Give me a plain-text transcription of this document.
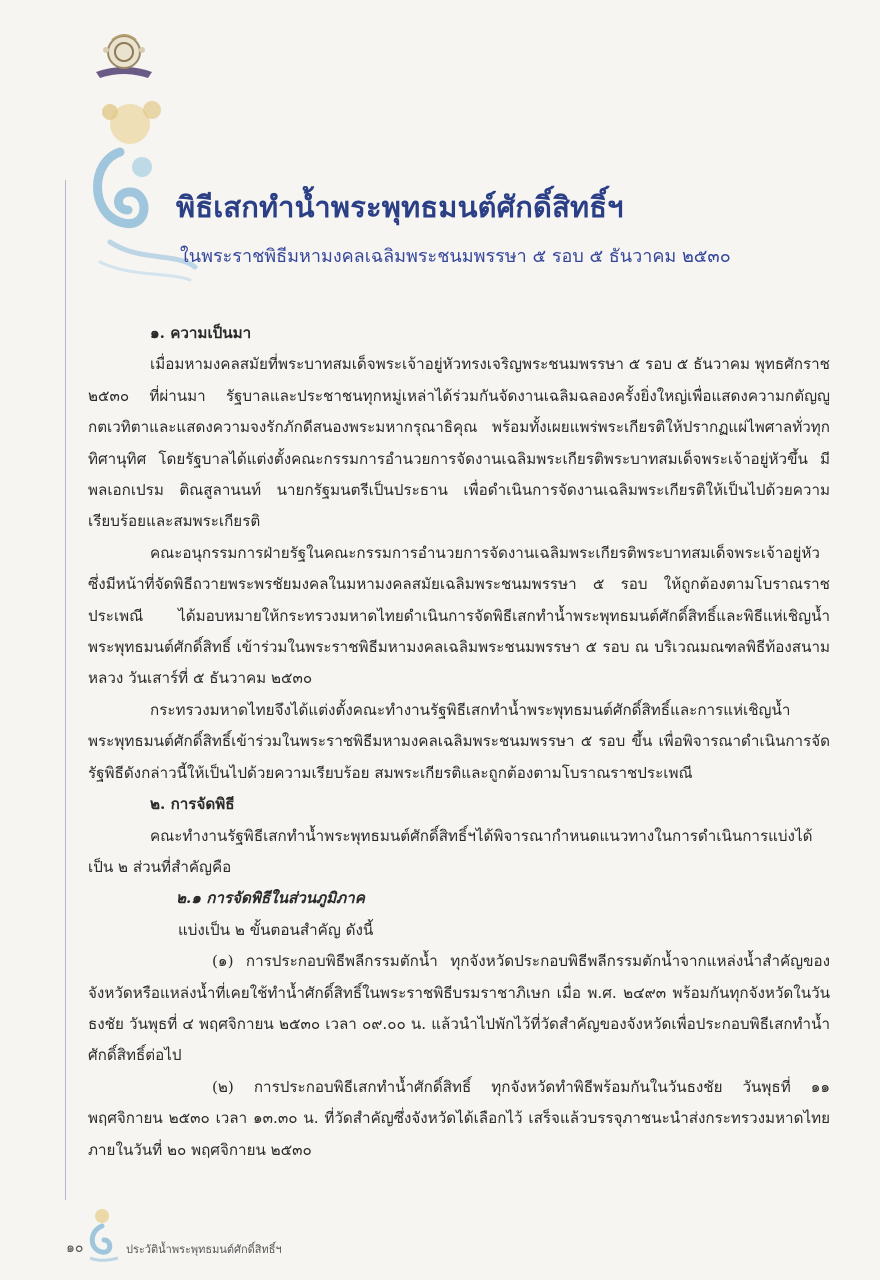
พิธีเสกทำน้ำพระพุทธมนต์ศักดิ์สิทธิ์ฯ
ในพระราชพิธีมหามงคลเฉลิมพระชนมพรรษา ๕ รอบ ๕ ธันวาคม ๒๕๓๐

๑. ความเป็นมา

เมื่อมหามงคลสมัยที่พระบาทสมเด็จพระเจ้าอยู่หัวทรงเจริญพระชนมพรรษา ๕ รอบ ๕ ธันวาคม พุทธศักราช ๒๕๓๐ ที่ผ่านมา รัฐบาลและประชาชนทุกหมู่เหล่าได้ร่วมกันจัดงานเฉลิมฉลองครั้งยิ่งใหญ่เพื่อแสดงความกตัญญูกตเวทิตาและแสดงความจงรักภักดีสนองพระมหากรุณาธิคุณ พร้อมทั้งเผยแพร่พระเกียรติให้ปรากฏแผ่ไพศาลทั่วทุกทิศานุทิศ โดยรัฐบาลได้แต่งตั้งคณะกรรมการอำนวยการจัดงานเฉลิมพระเกียรติพระบาทสมเด็จพระเจ้าอยู่หัวขึ้น มีพลเอกเปรม ติณสูลานนท์ นายกรัฐมนตรีเป็นประธาน เพื่อดำเนินการจัดงานเฉลิมพระเกียรติให้เป็นไปด้วยความเรียบร้อยและสมพระเกียรติ

คณะอนุกรรมการฝ่ายรัฐในคณะกรรมการอำนวยการจัดงานเฉลิมพระเกียรติพระบาทสมเด็จพระเจ้าอยู่หัวซึ่งมีหน้าที่จัดพิธีถวายพระพรชัยมงคลในมหามงคลสมัยเฉลิมพระชนมพรรษา ๕ รอบ ให้ถูกต้องตามโบราณราชประเพณี ได้มอบหมายให้กระทรวงมหาดไทยดำเนินการจัดพิธีเสกทำน้ำพระพุทธมนต์ศักดิ์สิทธิ์และพิธีแห่เชิญน้ำพระพุทธมนต์ศักดิ์สิทธิ์ เข้าร่วมในพระราชพิธีมหามงคลเฉลิมพระชนมพรรษา ๕ รอบ ณ บริเวณมณฑลพิธีท้องสนามหลวง วันเสาร์ที่ ๕ ธันวาคม ๒๕๓๐

กระทรวงมหาดไทยจึงได้แต่งตั้งคณะทำงานรัฐพิธีเสกทำน้ำพระพุทธมนต์ศักดิ์สิทธิ์และการแห่เชิญน้ำพระพุทธมนต์ศักดิ์สิทธิ์เข้าร่วมในพระราชพิธีมหามงคลเฉลิมพระชนมพรรษา ๕ รอบ ขึ้น เพื่อพิจารณาดำเนินการจัดรัฐพิธีดังกล่าวนี้ให้เป็นไปด้วยความเรียบร้อย สมพระเกียรติและถูกต้องตามโบราณราชประเพณี

๒. การจัดพิธี

คณะทำงานรัฐพิธีเสกทำน้ำพระพุทธมนต์ศักดิ์สิทธิ์ฯได้พิจารณากำหนดแนวทางในการดำเนินการแบ่งได้เป็น ๒ ส่วนที่สำคัญคือ

๒.๑ การจัดพิธีในส่วนภูมิภาค

แบ่งเป็น ๒ ขั้นตอนสำคัญ ดังนี้

(๑) การประกอบพิธีพลีกรรมตักน้ำ ทุกจังหวัดประกอบพิธีพลีกรรมตักน้ำจากแหล่งน้ำสำคัญของจังหวัดหรือแหล่งน้ำที่เคยใช้ทำน้ำศักดิ์สิทธิ์ในพระราชพิธีบรมราชาภิเษก เมื่อ พ.ศ. ๒๔๙๓ พร้อมกันทุกจังหวัดในวันธงชัย วันพุธที่ ๔ พฤศจิกายน ๒๕๓๐ เวลา ๐๙.๐๐ น. แล้วนำไปพักไว้ที่วัดสำคัญของจังหวัดเพื่อประกอบพิธีเสกทำน้ำศักดิ์สิทธิ์ต่อไป

(๒) การประกอบพิธีเสกทำน้ำศักดิ์สิทธิ์ ทุกจังหวัดทำพิธีพร้อมกันในวันธงชัย วันพุธที่ ๑๑ พฤศจิกายน ๒๕๓๐ เวลา ๑๓.๓๐ น. ที่วัดสำคัญซึ่งจังหวัดได้เลือกไว้ เสร็จแล้วบรรจุภาชนะนำส่งกระทรวงมหาดไทยภายในวันที่ ๒๐ พฤศจิกายน ๒๕๓๐

๑๐	ประวัติน้ำพระพุทธมนต์ศักดิ์สิทธิ์ฯ
